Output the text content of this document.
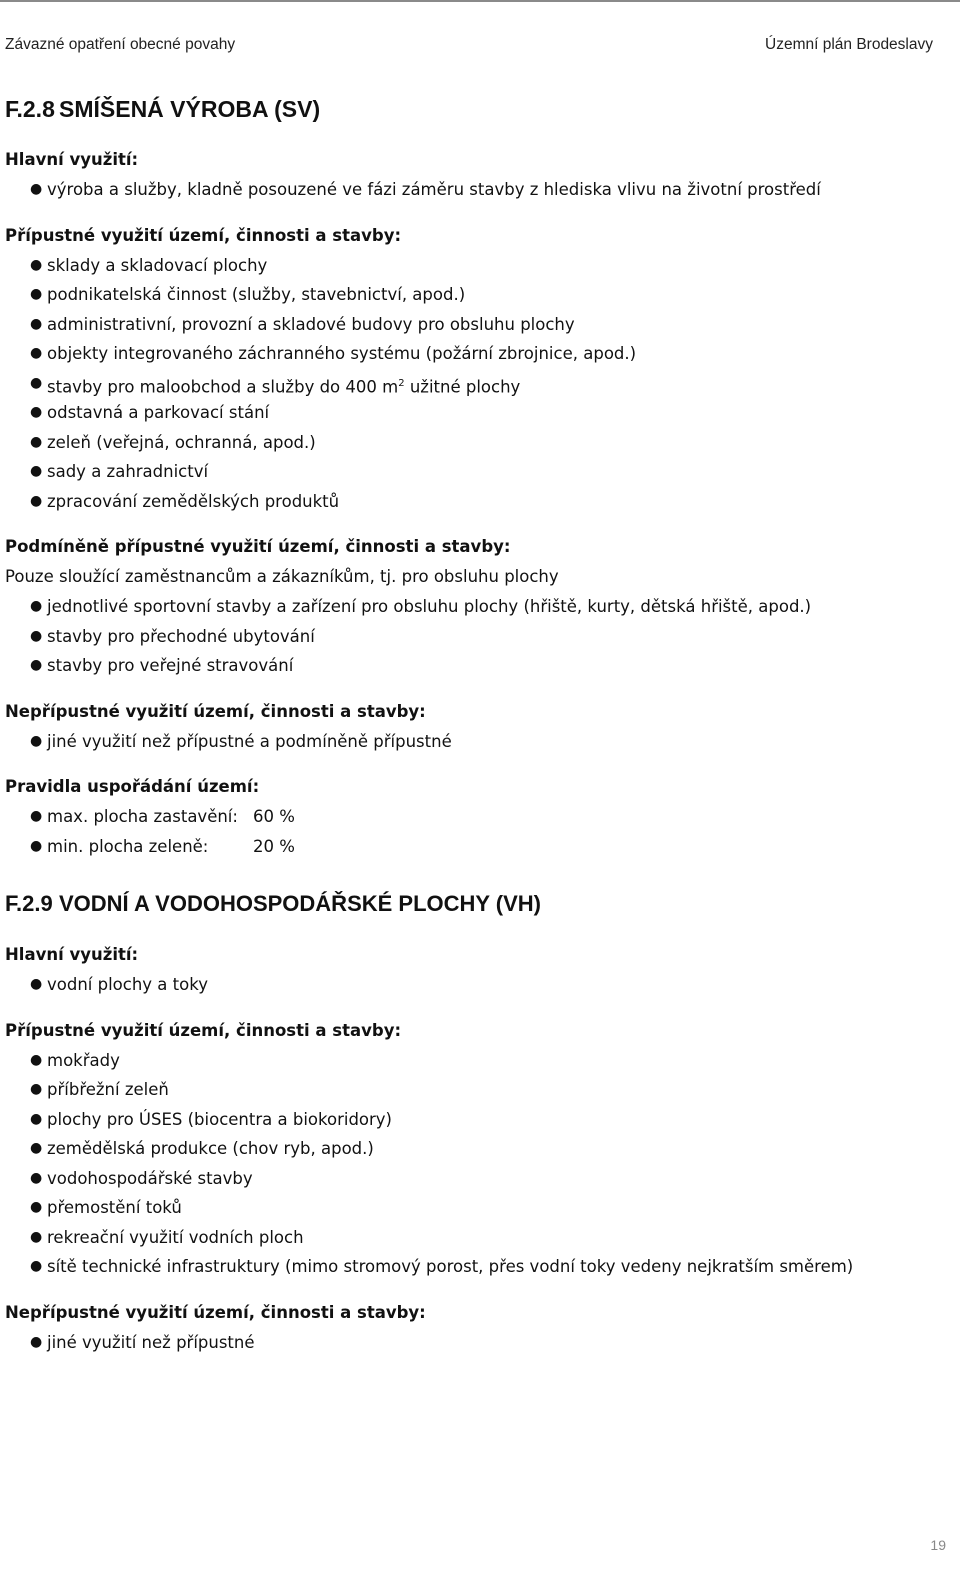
Závazné opatření obecné povahy	Územní plán Brodeslavy
F.2.8 SMÍŠENÁ VÝROBA (SV)
Hlavní využití:
● výroba a služby, kladně posouzené ve fázi záměru stavby z hlediska vlivu na životní prostředí
Přípustné využití území, činnosti a stavby:
● sklady a skladovací plochy
● podnikatelská činnost (služby, stavebnictví, apod.)
● administrativní, provozní a skladové budovy pro obsluhu plochy
● objekty integrovaného záchranného systému (požární zbrojnice, apod.)
● stavby pro maloobchod a služby do 400 $m^2$ užitné plochy
● odstavná a parkovací stání
● zeleň (veřejná, ochranná, apod.)
● sady a zahradnictví
● zpracování zemědělských produktů
Podmíněně přípustné využití území, činnosti a stavby:
Pouze sloužící zaměstnancům a zákazníkům, tj. pro obsluhu plochy
● jednotlivé sportovní stavby a zařízení pro obsluhu plochy (hřiště, kurty, dětská hřiště, apod.)
● stavby pro přechodné ubytování
● stavby pro veřejné stravování
Nepřípustné využití území, činnosti a stavby:
● jiné využití než přípustné a podmíněně přípustné
Pravidla uspořádání území:
● max. plocha zastavění: 60 %
● min. plocha zeleně:	20 %
F.2.9 VODNÍ A VODOHOSPODÁŘSKÉ PLOCHY (VH)
Hlavní využití:
● vodní plochy a toky
Přípustné využití území, činnosti a stavby:
● mokřady
● příbřežní zeleň
● plochy pro ÚSES (biocentra a biokoridory)
● zemědělská produkce (chov ryb, apod.)
● vodohospodářské stavby
● přemostění toků
● rekreační využití vodních ploch
● sítě technické infrastruktury (mimo stromový porost, přes vodní toky vedeny nejkratším směrem)
Nepřípustné využití území, činnosti a stavby:
● jiné využití než přípustné
19
